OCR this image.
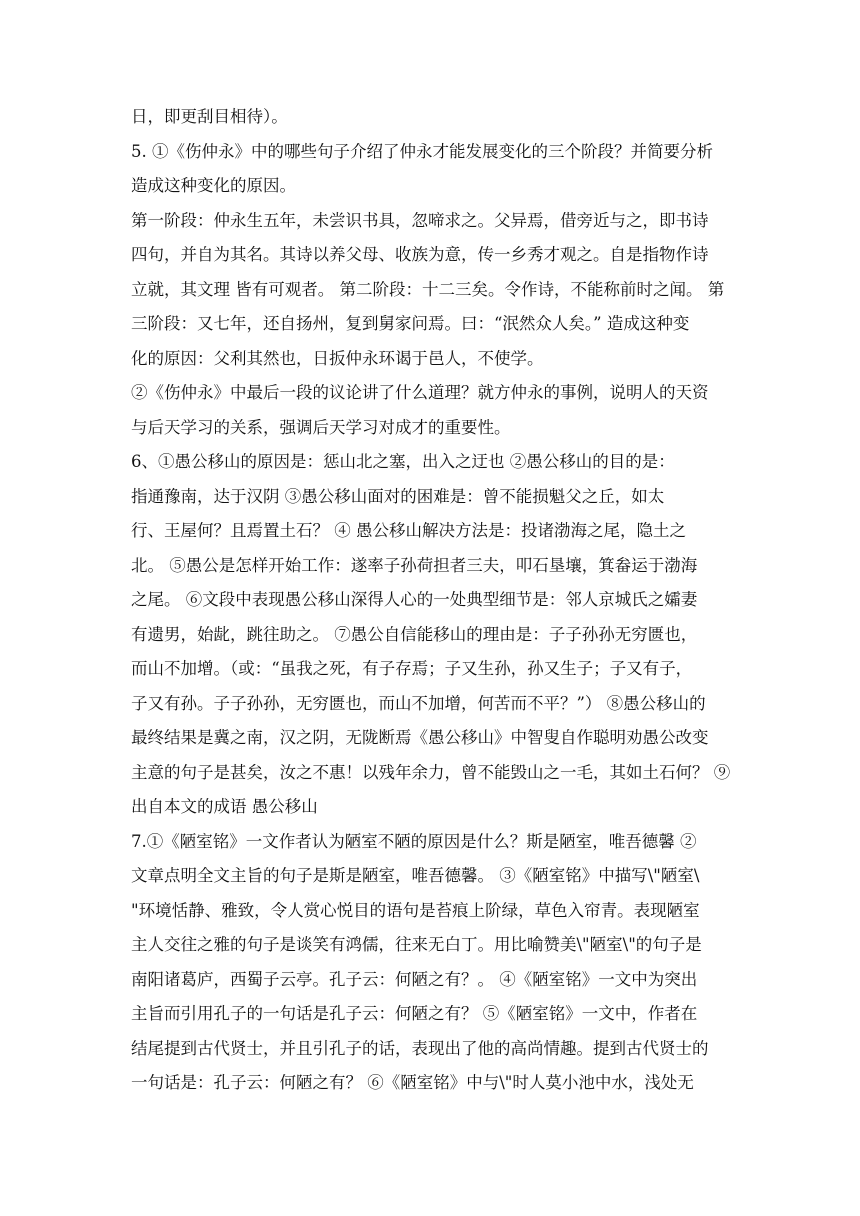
日，即更刮目相待）。
5. ①《伤仲永》中的哪些句子介绍了仲永才能发展变化的三个阶段？并简要分析
造成这种变化的原因。
第一阶段：仲永生五年，未尝识书具，忽啼求之。父异焉，借旁近与之，即书诗
四句，并自为其名。其诗以养父母、收族为意，传一乡秀才观之。自是指物作诗
立就，其文理 皆有可观者。 第二阶段：十二三矣。令作诗，不能称前时之闻。 第
三阶段：又七年，还自扬州，复到舅家问焉。曰：“泯然众人矣。” 造成这种变
化的原因：父利其然也，日扳仲永环谒于邑人，不使学。
②《伤仲永》中最后一段的议论讲了什么道理？就方仲永的事例，说明人的天资
与后天学习的关系，强调后天学习对成才的重要性。
6、①愚公移山的原因是：惩山北之塞，出入之迂也 ②愚公移山的目的是：
指通豫南，达于汉阴 ③愚公移山面对的困难是：曾不能损魁父之丘，如太
行、王屋何？且焉置土石？ ④ 愚公移山解决方法是：投诸渤海之尾，隐土之
北。 ⑤愚公是怎样开始工作：遂率子孙荷担者三夫，叩石垦壤，箕畚运于渤海
之尾。 ⑥文段中表现愚公移山深得人心的一处典型细节是：邻人京城氏之孀妻
有遗男，始龀，跳往助之。 ⑦愚公自信能移山的理由是：子子孙孙无穷匮也，
而山不加增。（或：“虽我之死，有子存焉；子又生孙，孙又生子；子又有子，
子又有孙。子子孙孙，无穷匮也，而山不加增，何苦而不平？”） ⑧愚公移山的
最终结果是冀之南，汉之阴，无陇断焉《愚公移山》中智叟自作聪明劝愚公改变
主意的句子是甚矣，汝之不惠！以残年余力，曾不能毁山之一毛，其如土石何？ ⑨
出自本文的成语 愚公移山
7.①《陋室铭》一文作者认为陋室不陋的原因是什么？斯是陋室，唯吾德馨 ②
文章点明全文主旨的句子是斯是陋室，唯吾德馨。 ③《陋室铭》中描写\"陋室\
"环境恬静、雅致，令人赏心悦目的语句是苔痕上阶绿，草色入帘青。表现陋室
主人交往之雅的句子是谈笑有鸿儒，往来无白丁。用比喻赞美\"陋室\"的句子是
南阳诸葛庐，西蜀子云亭。孔子云：何陋之有？。 ④《陋室铭》一文中为突出
主旨而引用孔子的一句话是孔子云：何陋之有？ ⑤《陋室铭》一文中，作者在
结尾提到古代贤士，并且引孔子的话，表现出了他的高尚情趣。提到古代贤士的
一句话是：孔子云：何陋之有？ ⑥《陋室铭》中与\"时人莫小池中水，浅处无
